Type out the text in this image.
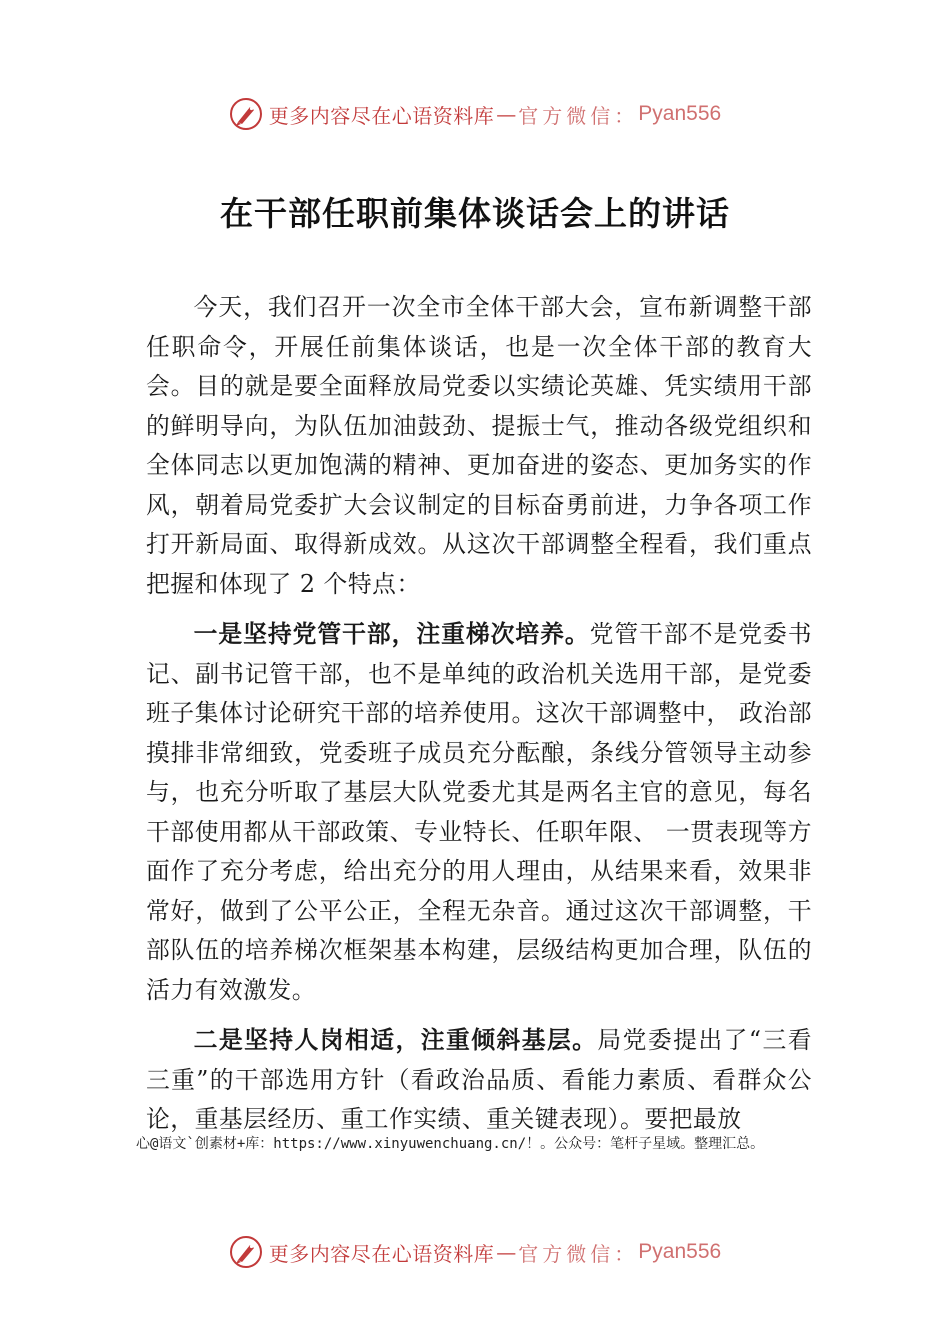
更多内容尽在心语资料库 — 官方微信： Pyan556
在干部任职前集体谈话会上的讲话

今天，我们召开一次全市全体干部大会，宣布新调整干部任职命令，开展任前集体谈话，也是一次全体干部的教育大会。目的就是要全面释放局党委以实绩论英雄、凭实绩用干部的鲜明导向，为队伍加油鼓劲、提振士气，推动各级党组织和全体同志以更加饱满的精神、更加奋进的姿态、更加务实的作风，朝着局党委扩大会议制定的目标奋勇前进，力争各项工作打开新局面、取得新成效。从这次干部调整全程看，我们重点把握和体现了 2 个特点：

一是坚持党管干部，注重梯次培养。党管干部不是党委书记、副书记管干部，也不是单纯的政治机关选用干部，是党委班子集体讨论研究干部的培养使用。这次干部调整中， 政治部摸排非常细致，党委班子成员充分酝酿，条线分管领导主动参与，也充分听取了基层大队党委尤其是两名主官的意见，每名干部使用都从干部政策、专业特长、任职年限、 一贯表现等方面作了充分考虑，给出充分的用人理由，从结果来看，效果非常好，做到了公平公正，全程无杂音。通过这次干部调整，干部队伍的培养梯次框架基本构建，层级结构更加合理，队伍的活力有效激发。

二是坚持人岗相适，注重倾斜基层。局党委提出了“三看三重”的干部选用方针（看政治品质、看能力素质、看群众公论，重基层经历、重工作实绩、重关键表现）。要把最放

心@语文`创素材+库：https://www.xinyuwenchuang.cn/！。公众号：笔杆子星域。整理汇总。

更多内容尽在心语资料库 — 官方微信： Pyan556
